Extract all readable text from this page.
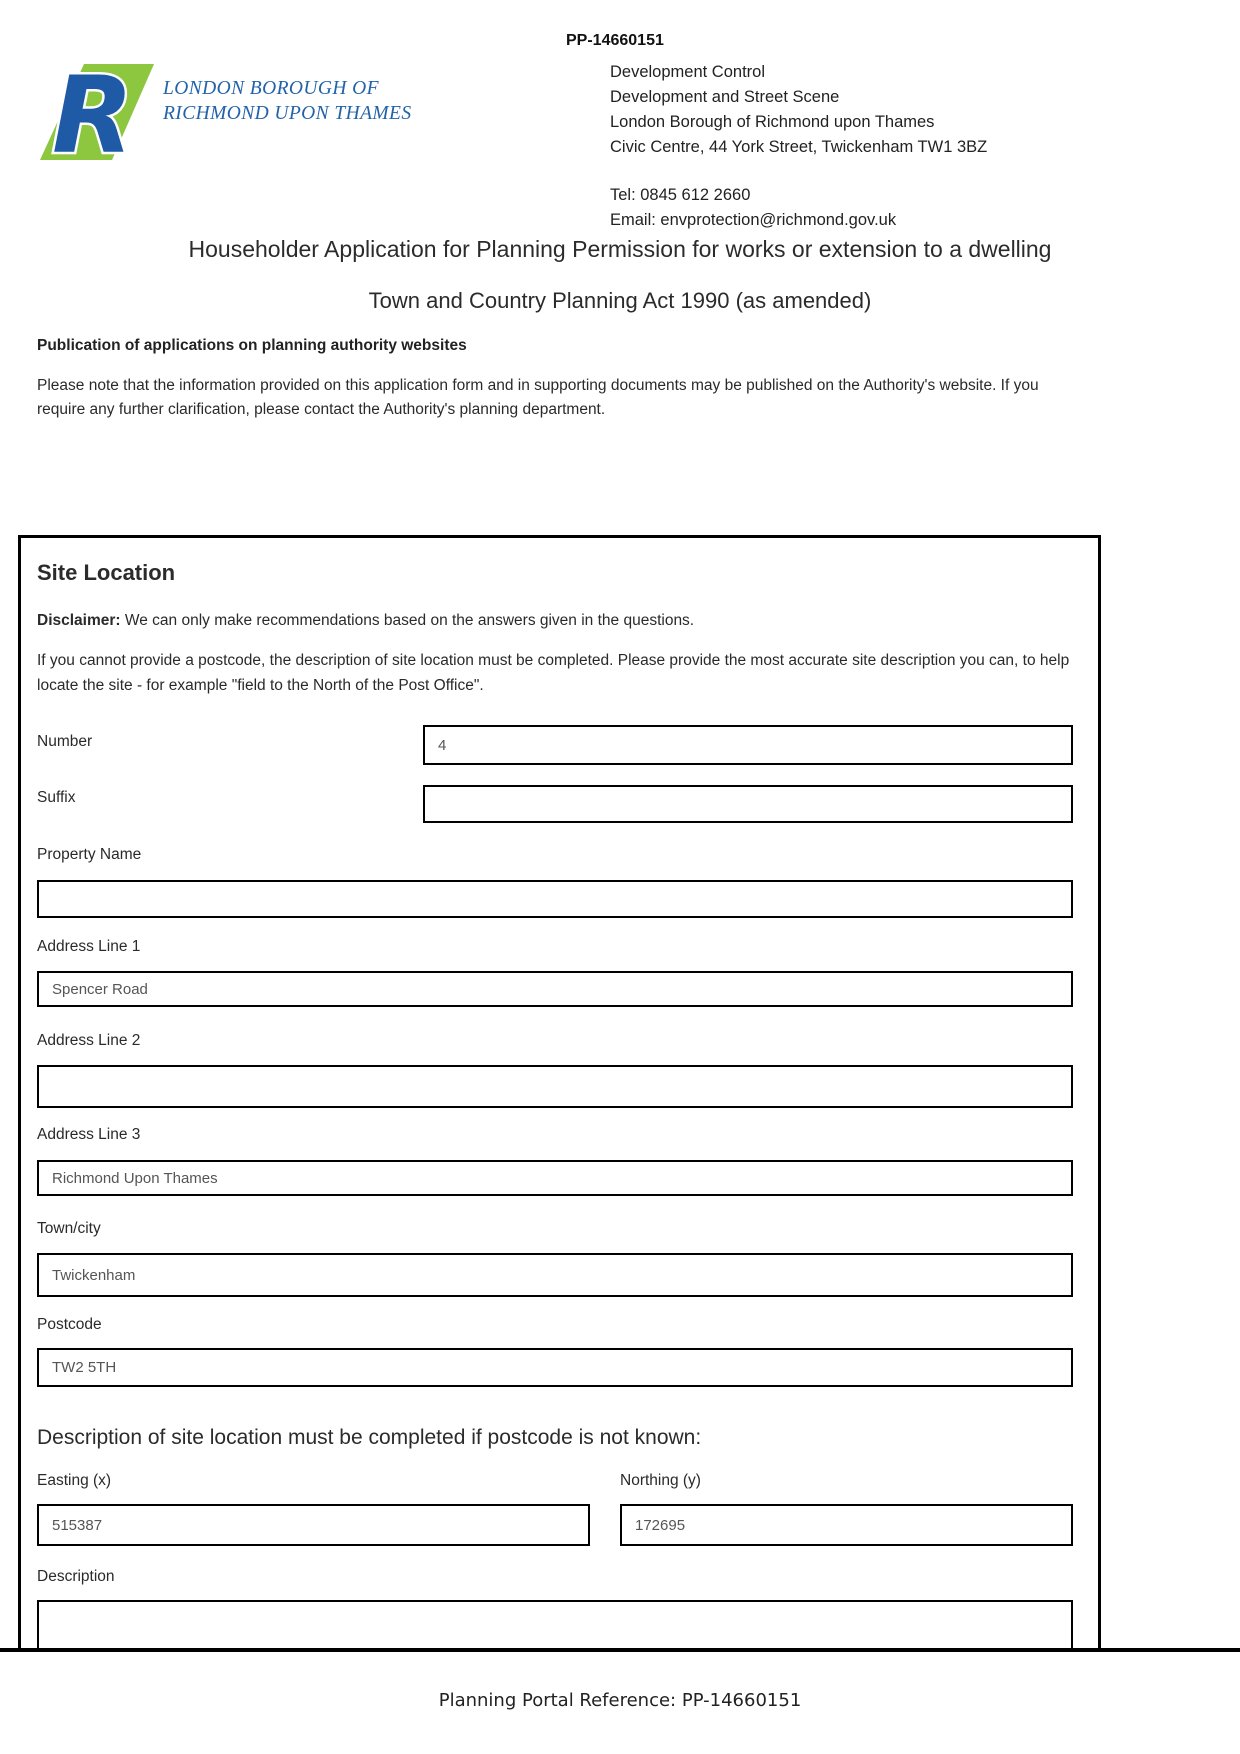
R LONDON BOROUGH OF
RICHMOND UPON THAMES
PP-14660151
Development Control
Development and Street Scene
London Borough of Richmond upon Thames
Civic Centre, 44 York Street, Twickenham TW1 3BZ
Tel: 0845 612 2660
Email: envprotection@richmond.gov.uk
Householder Application for Planning Permission for works or extension to a dwelling
Town and Country Planning Act 1990 (as amended)
Publication of applications on planning authority websites
Please note that the information provided on this application form and in supporting documents may be published on the Authority's website. If you require any further clarification, please contact the Authority's planning department.
Site Location
Disclaimer: We can only make recommendations based on the answers given in the questions.
If you cannot provide a postcode, the description of site location must be completed. Please provide the most accurate site description you can, to help locate the site - for example "field to the North of the Post Office".
Number
4
Suffix
Property Name
Address Line 1
Spencer Road
Address Line 2
Address Line 3
Richmond Upon Thames
Town/city
Twickenham
Postcode
TW2 5TH
Description of site location must be completed if postcode is not known:
Easting (x)	Northing (y)
515387
172695
Description
Planning Portal Reference: PP-14660151
